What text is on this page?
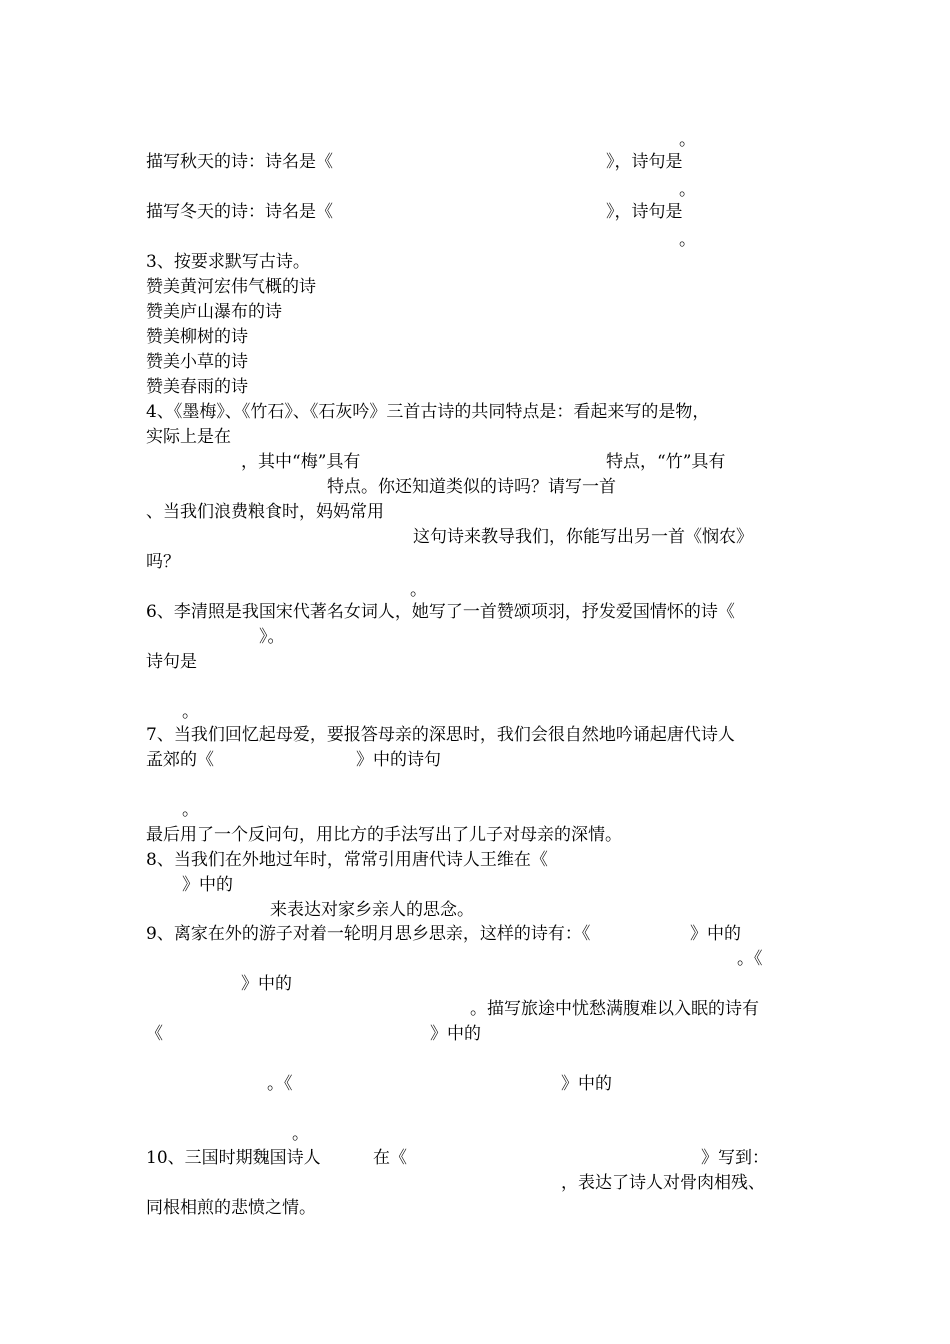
。
描写秋天的诗：诗名是《	》，诗句是
。
描写冬天的诗：诗名是《	》，诗句是
。
3、按要求默写古诗。
赞美黄河宏伟气概的诗
赞美庐山瀑布的诗
赞美柳树的诗
赞美小草的诗
赞美春雨的诗
4、《墨梅》、《竹石》、《石灰吟》三首古诗的共同特点是：看起来写的是物，
实际上是在
，其中“梅”具有	特点，“竹”具有
特点。你还知道类似的诗吗？请写一首
、当我们浪费粮食时，妈妈常用
这句诗来教导我们，你能写出另一首《悯农》
吗？
。
6、李清照是我国宋代著名女词人，她写了一首赞颂项羽，抒发爱国情怀的诗《
》。
诗句是
。
7、当我们回忆起母爱，要报答母亲的深思时，我们会很自然地吟诵起唐代诗人
孟郊的《	》中的诗句
。
最后用了一个反问句，用比方的手法写出了儿子对母亲的深情。
8、当我们在外地过年时，常常引用唐代诗人王维在《
》中的
来表达对家乡亲人的思念。
9、离家在外的游子对着一轮明月思乡思亲，这样的诗有：《	》中的
。《
》中的
。描写旅途中忧愁满腹难以入眠的诗有
《	》中的
。《	》中的
。
10、三国时期魏国诗人	在《	》写到：
，表达了诗人对骨肉相残、
同根相煎的悲愤之情。
